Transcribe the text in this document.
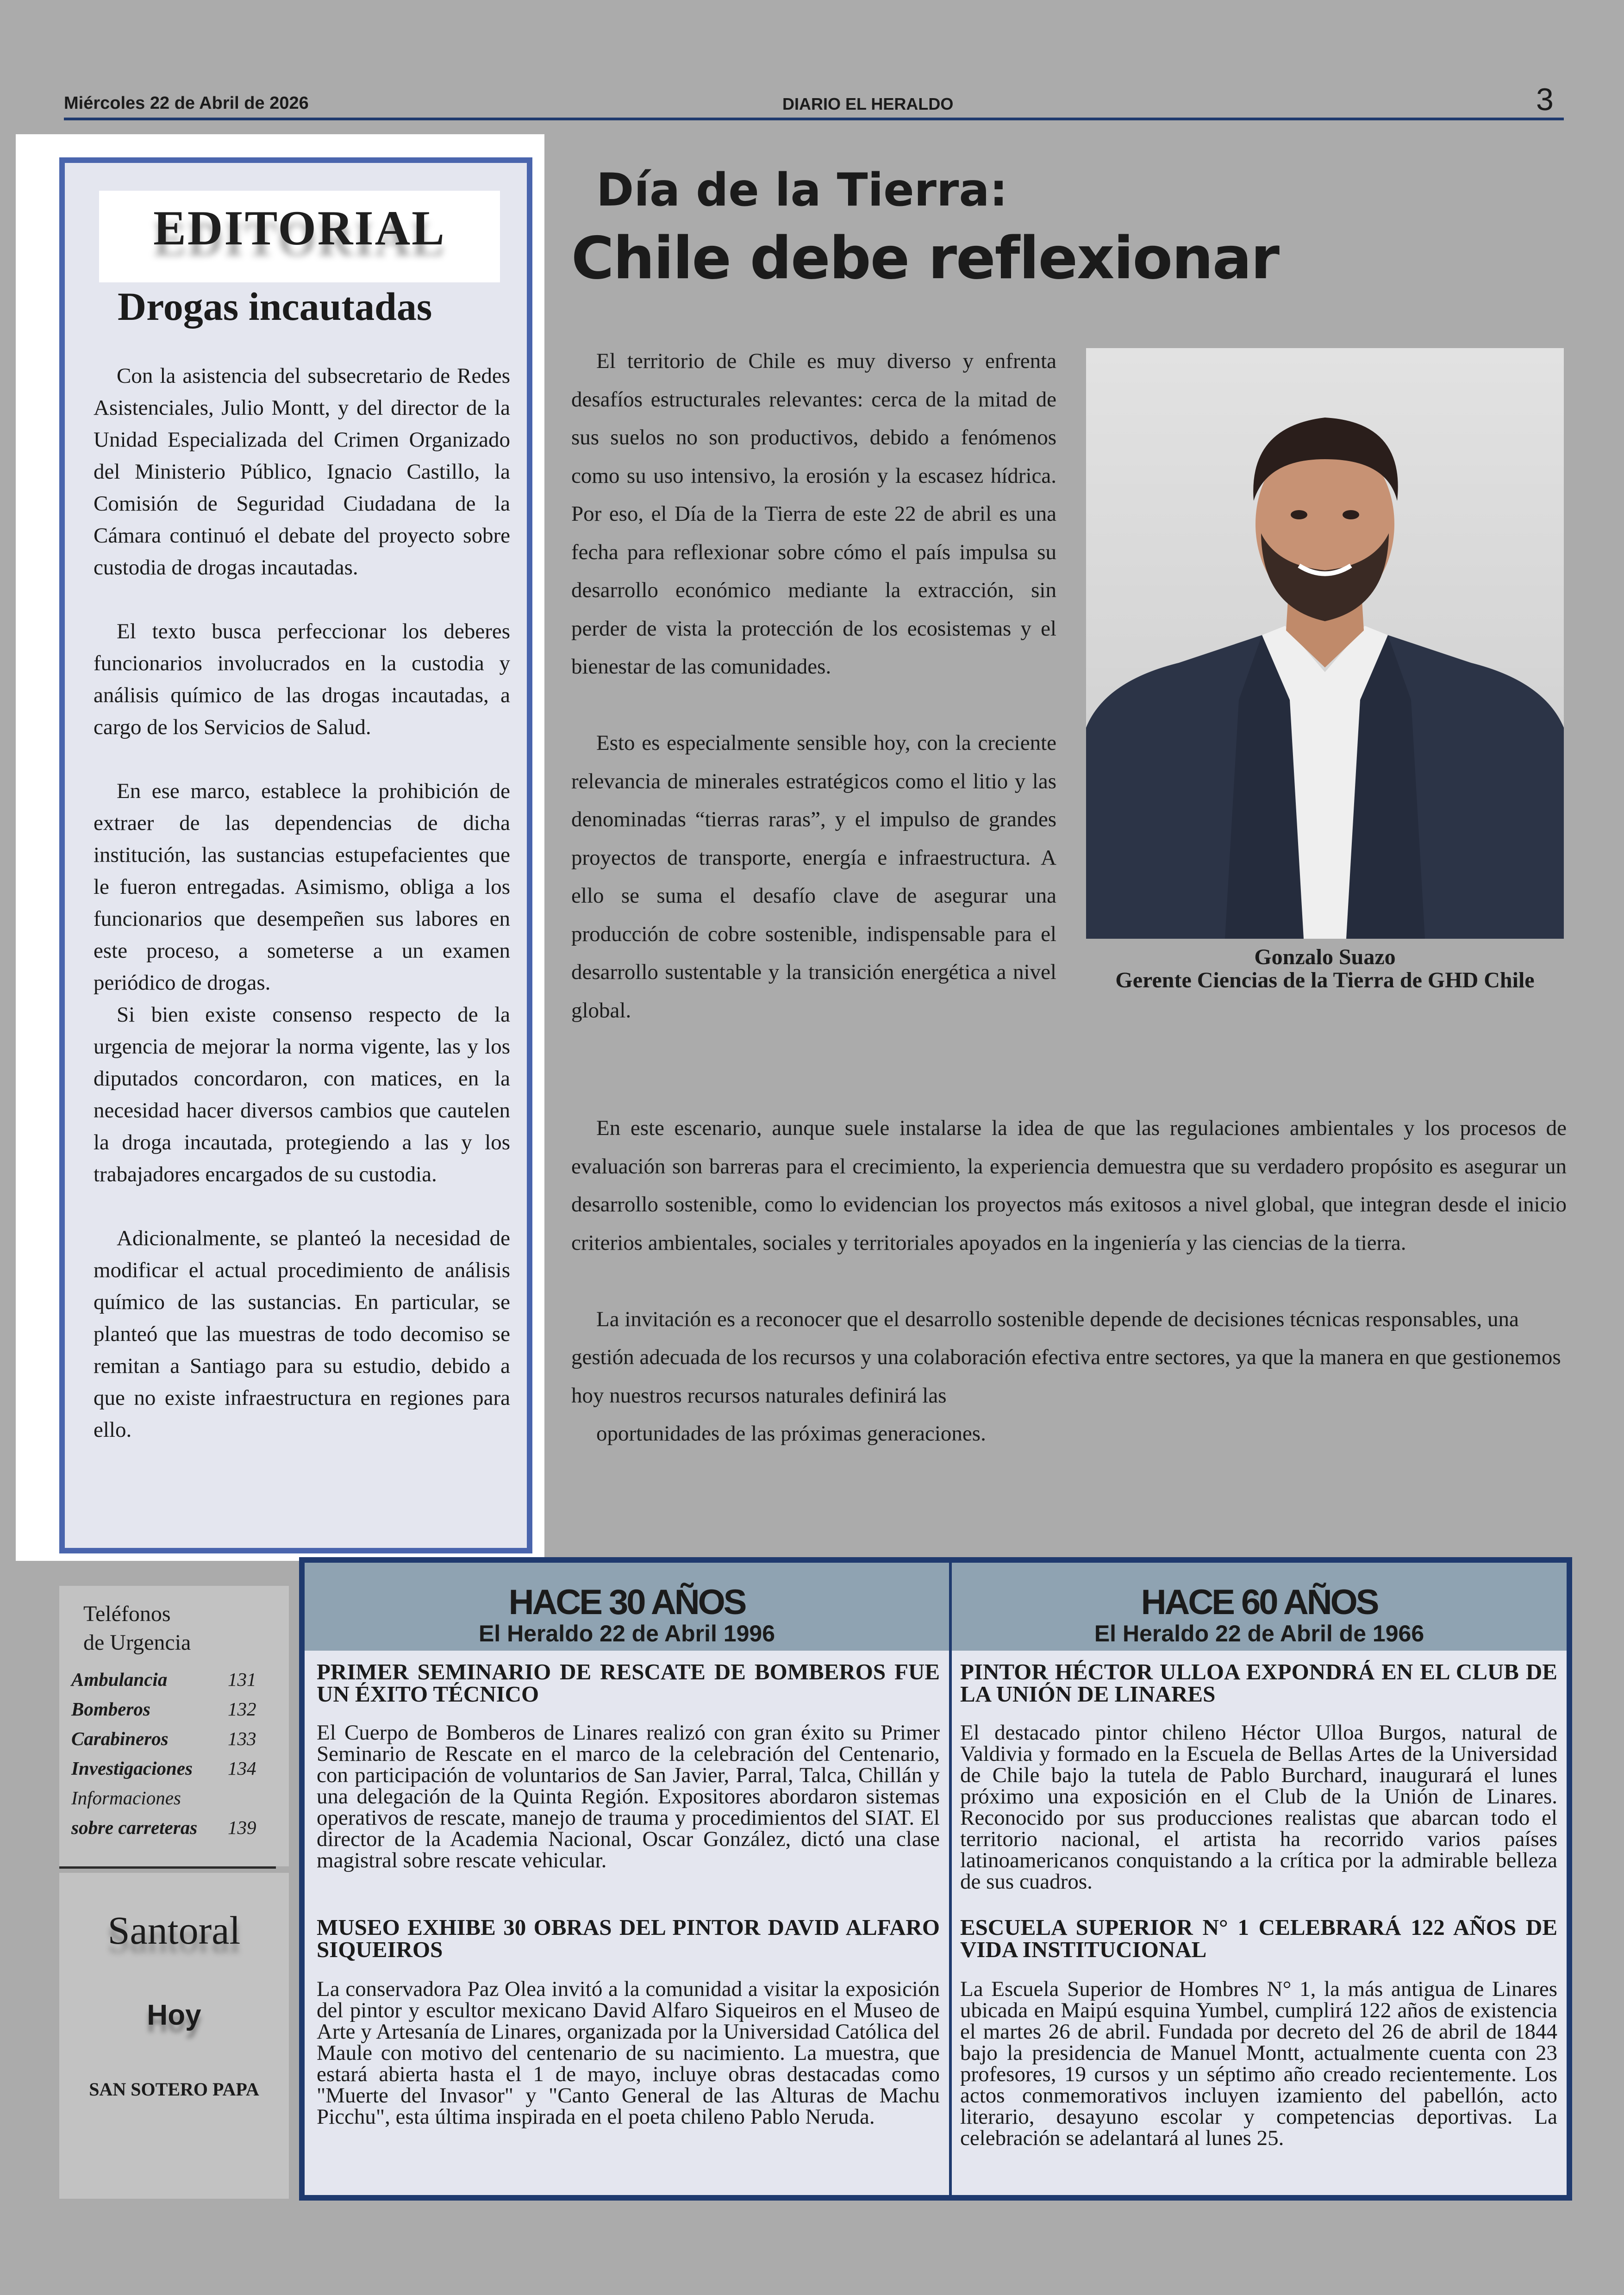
Miércoles 22 de Abril de 2026	DIARIO EL HERALDO	3
EDITORIAL
Drogas incautadas

Con la asistencia del subsecretario de Redes Asistenciales, Julio Montt, y del director de la Unidad Especializada del Crimen Organizado del Ministerio Público, Ignacio Castillo, la Comisión de Seguridad Ciudadana de la Cámara continuó el debate del proyecto sobre custodia de drogas incautadas.

El texto busca perfeccionar los deberes funcionarios involucrados en la custodia y análisis químico de las drogas incautadas, a cargo de los Servicios de Salud.

En ese marco, establece la prohibición de extraer de las dependencias de dicha institución, las sustancias estupefacientes que le fueron entregadas. Asimismo, obliga a los funcionarios que desempeñen sus labores en este proceso, a someterse a un examen periódico de drogas.

Si bien existe consenso respecto de la urgencia de mejorar la norma vigente, las y los diputados concordaron, con matices, en la necesidad hacer diversos cambios que cautelen la droga incautada, protegiendo a las y los trabajadores encargados de su custodia.

Adicionalmente, se planteó la necesidad de modificar el actual procedimiento de análisis químico de las sustancias. En particular, se planteó que las muestras de todo decomiso se remitan a Santiago para su estudio, debido a que no existe infraestructura en regiones para ello.

Día de la Tierra:
Chile debe reflexionar

El territorio de Chile es muy diverso y enfrenta desafíos estructurales relevantes: cerca de la mitad de sus suelos no son productivos, debido a fenómenos como su uso intensivo, la erosión y la escasez hídrica. Por eso, el Día de la Tierra de este 22 de abril es una fecha para reflexionar sobre cómo el país impulsa su desarrollo económico mediante la extracción, sin perder de vista la protección de los ecosistemas y el bienestar de las comunidades.

Esto es especialmente sensible hoy, con la creciente relevancia de minerales estratégicos como el litio y las denominadas “tierras raras”, y el impulso de grandes proyectos de transporte, energía e infraestructura. A ello se suma el desafío clave de asegurar una producción de cobre sostenible, indispensable para el desarrollo sustentable y la transición energética a nivel global.

Gonzalo Suazo
Gerente Ciencias de la Tierra de GHD Chile

En este escenario, aunque suele instalarse la idea de que las regulaciones ambientales y los procesos de evaluación son barreras para el crecimiento, la experiencia demuestra que su verdadero propósito es asegurar un desarrollo sostenible, como lo evidencian los proyectos más exitosos a nivel global, que integran desde el inicio criterios ambientales, sociales y territoriales apoyados en la ingeniería y las ciencias de la tierra.

La invitación es a reconocer que el desarrollo sostenible depende de decisiones técnicas responsables, una gestión adecuada de los recursos y una colaboración efectiva entre sectores, ya que la manera en que gestionemos hoy nuestros recursos naturales definirá las

oportunidades de las próximas generaciones.

Teléfonos
de Urgencia
Ambulancia	131
Bomberos	132
Carabineros	133
Investigaciones 134
Informaciones
sobre carreteras 139
Santoral
Hoy
SAN SOTERO PAPA
HACE 30 AÑOS
El Heraldo 22 de Abril 1996
HACE 60 AÑOS
El Heraldo 22 de Abril de 1966
PRIMER SEMINARIO DE RESCATE DE BOMBEROS FUE UN ÉXITO TÉCNICO
El Cuerpo de Bomberos de Linares realizó con gran éxito su Primer Seminario de Rescate en el marco de la celebración del Centenario, con participación de voluntarios de San Javier, Parral, Talca, Chillán y una delegación de la Quinta Región. Expositores abordaron sistemas operativos de rescate, manejo de trauma y procedimientos del SIAT. El director de la Academia Nacional, Oscar González, dictó una clase magistral sobre rescate vehicular.
MUSEO EXHIBE 30 OBRAS DEL PINTOR DAVID ALFARO SIQUEIROS
La conservadora Paz Olea invitó a la comunidad a visitar la exposición del pintor y escultor mexicano David Alfaro Siqueiros en el Museo de Arte y Artesanía de Linares, organizada por la Universidad Católica del Maule con motivo del centenario de su nacimiento. La muestra, que estará abierta hasta el 1 de mayo, incluye obras destacadas como "Muerte del Invasor" y "Canto General de las Alturas de Machu Picchu", esta última inspirada en el poeta chileno Pablo Neruda.
PINTOR HÉCTOR ULLOA EXPONDRÁ EN EL CLUB DE LA UNIÓN DE LINARES
El destacado pintor chileno Héctor Ulloa Burgos, natural de Valdivia y formado en la Escuela de Bellas Artes de la Universidad de Chile bajo la tutela de Pablo Burchard, inaugurará el lunes próximo una exposición en el Club de la Unión de Linares. Reconocido por sus producciones realistas que abarcan todo el territorio nacional, el artista ha recorrido varios países latinoamericanos conquistando a la crítica por la admirable belleza de sus cuadros.
ESCUELA SUPERIOR N° 1 CELEBRARÁ 122 AÑOS DE VIDA INSTITUCIONAL
La Escuela Superior de Hombres N° 1, la más antigua de Linares ubicada en Maipú esquina Yumbel, cumplirá 122 años de existencia el martes 26 de abril. Fundada por decreto del 26 de abril de 1844 bajo la presidencia de Manuel Montt, actualmente cuenta con 23 profesores, 19 cursos y un séptimo año creado recientemente. Los actos conmemorativos incluyen izamiento del pabellón, acto literario, desayuno escolar y competencias deportivas. La celebración se adelantará al lunes 25.
